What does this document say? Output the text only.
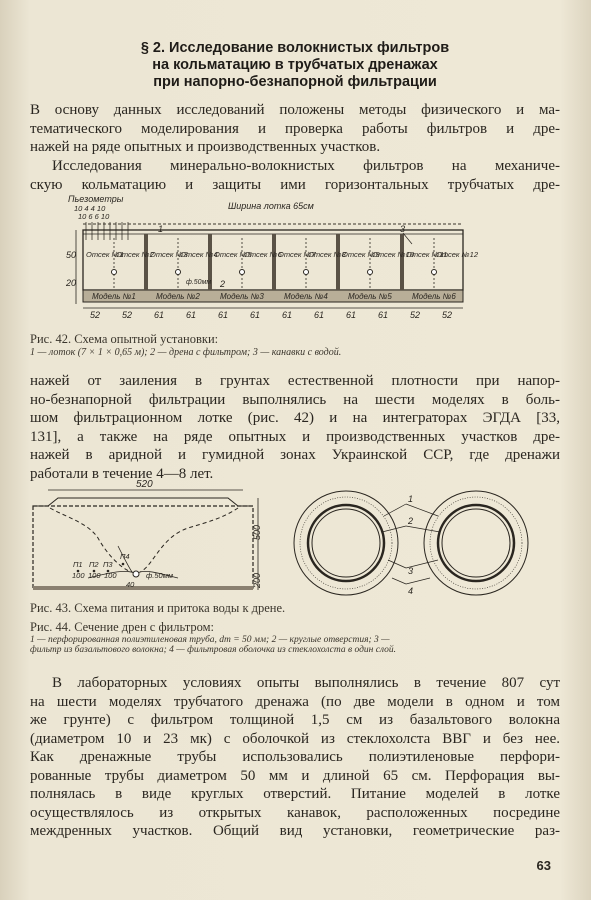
§ 2. Исследование волокнистых фильтров
на кольматацию в трубчатых дренажах
при напорно-безнапорной фильтрации
В основу данных исследований положены методы физического и ма-
тематического моделирования и проверка работы фильтров и дре-
нажей на ряде опытных и производственных участков.
Исследования минерально-волокнистых фильтров на механиче-
скую кольматацию и защиты ими горизонтальных трубчатых дре-
Пьезометры
10 4 4 10
10 6 6 10
Ширина лотка 65см
50
20
Отсек №1
Отсек №2
Отсек №3
Отсек №4
Отсек №5
Отсек №6
Отсек №7
Отсек №8
Отсек №9
Отсек №10
Отсек №11
Отсек №12
ф.50мм 2
1	3
Модель №1	Модель №2	Модель №3	Модель №4	Модель №5	Модель №6
52 52 61 61 61 61 61 61 61 61 52 52
Рис. 42. Схема опытной установки:
1 — лоток (7 × 1 × 0,65 м); 2 — дрена с фильтром; 3 — канавки с водой.
нажей от заиления в грунтах естественной плотности при напор-
но-безнапорной фильтрации выполнялись на шести моделях в боль-
шом фильтрационном лотке (рис. 42) и на интеграторах ЭГДА [33,
131], а также на ряде опытных и производственных участков дре-
нажей в аридной и гумидной зонах Украинской ССР, где дренажи
работали в течение 4—8 лет.
520
П1 П2 П3
П4
100 100 100	ф.50мм
40
500
200
1
2
3
4
Рис. 43. Схема питания и притока воды к дрене.
Рис. 44. Сечение дрен с фильтром:
1 — перфорированная полиэтиленовая труба, dт = 50 мм; 2 — круглые отверстия; 3 —
фильтр из базальтового волокна; 4 — фильтровая оболочка из стеклохолста в один слой.
В лабораторных условиях опыты выполнялись в течение 807 сут
на шести моделях трубчатого дренажа (по две модели в одном и том
же грунте) с фильтром толщиной 1,5 см из базальтового волокна
(диаметром 10 и 23 мк) с оболочкой из стеклохолста ВВГ и без нее.
Как дренажные трубы использовались полиэтиленовые перфори-
рованные трубы диаметром 50 мм и длиной 65 см. Перфорация вы-
полнялась в виде круглых отверстий. Питание моделей в лотке
осуществлялось из открытых канавок, расположенных посредине
междренных участков. Общий вид установки, геометрические раз-
63
